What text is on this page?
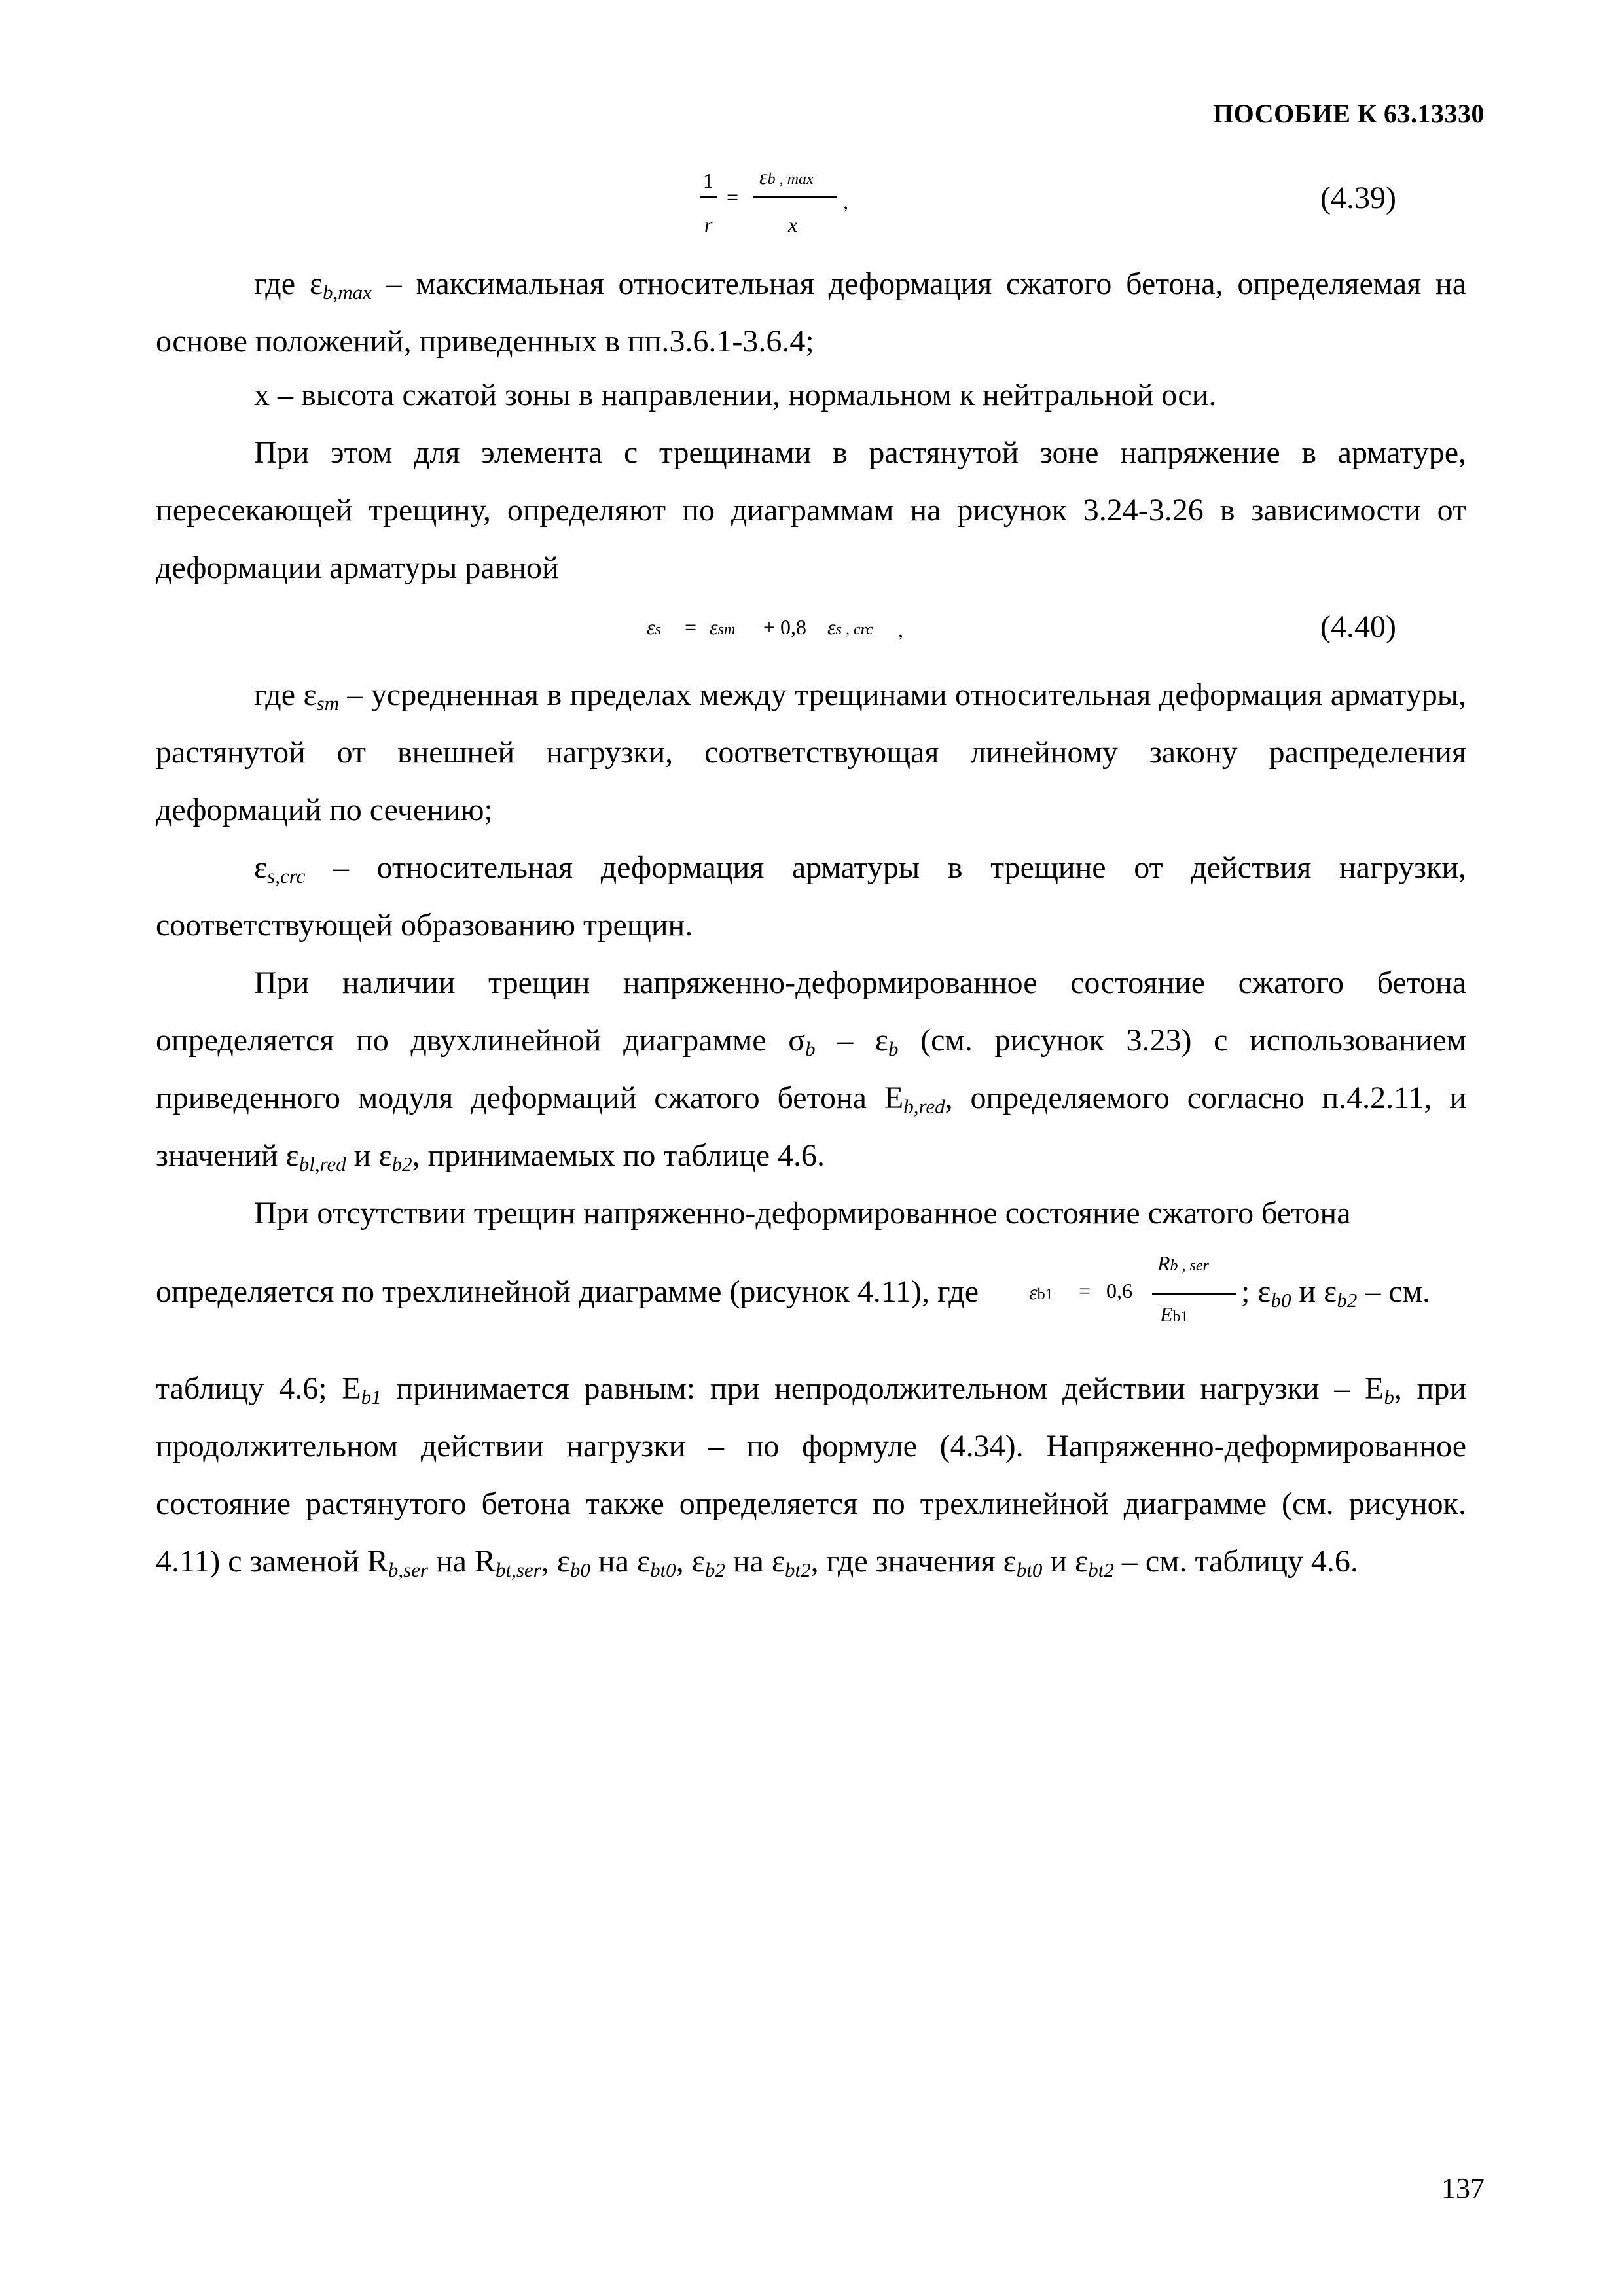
ПОСОБИЕ К 63.13330
1
r
=
εb , max
x
,	(4.39)
где $\varepsilon_{b,max}$ – максимальная относительная деформация сжатого бетона, определяемая на основе положений, приведенных в пп.3.6.1-3.6.4;
x – высота сжатой зоны в направлении, нормальном к нейтральной оси.
При этом для элемента с трещинами в растянутой зоне напряжение в арматуре, пересекающей трещину, определяют по диаграммам на рисунок 3.24-3.26 в зависимости от деформации арматуры равной
εs = εsm + 0,8 εs , crc ,	(4.40)
где $\varepsilon_{sm}$ – усредненная в пределах между трещинами относительная деформация арматуры, растянутой от внешней нагрузки, соответствующая линейному закону распределения деформаций по сечению;
$\varepsilon_{s,crc}$ – относительная деформация арматуры в трещине от действия нагрузки, соответствующей образованию трещин.
При наличии трещин напряженно-деформированное состояние сжатого бетона определяется по двухлинейной диаграмме $\sigma_b - \varepsilon_b$ (см. рисунок 3.23) с использованием приведенного модуля деформаций сжатого бетона $E_{b,red}$, определяемого согласно п.4.2.11, и значений $\varepsilon_{bl,red}$ и $\varepsilon_{b2}$, принимаемых по таблице 4.6.
При отсутствии трещин напряженно-деформированное состояние сжатого бетона
определяется по трехлинейной диаграмме (рисунок 4.11), где	εb1 = 0,6
Rb , ser
Eb1
; $\varepsilon_{b0}$ и $\varepsilon_{b2}$ – см.
таблицу 4.6; $E_{b1}$ принимается равным: при непродолжительном действии нагрузки – $E_b$, при продолжительном действии нагрузки – по формуле (4.34). Напряженно-деформированное состояние растянутого бетона также определяется по трехлинейной диаграмме (см. рисунок. 4.11) с заменой $R_{b,ser}$ на $R_{bt,ser}$, $\varepsilon_{b0}$ на $\varepsilon_{bt0}$, $\varepsilon_{b2}$ на $\varepsilon_{bt2}$, где значения $\varepsilon_{bt0}$ и $\varepsilon_{bt2}$ – см. таблицу 4.6.
137
